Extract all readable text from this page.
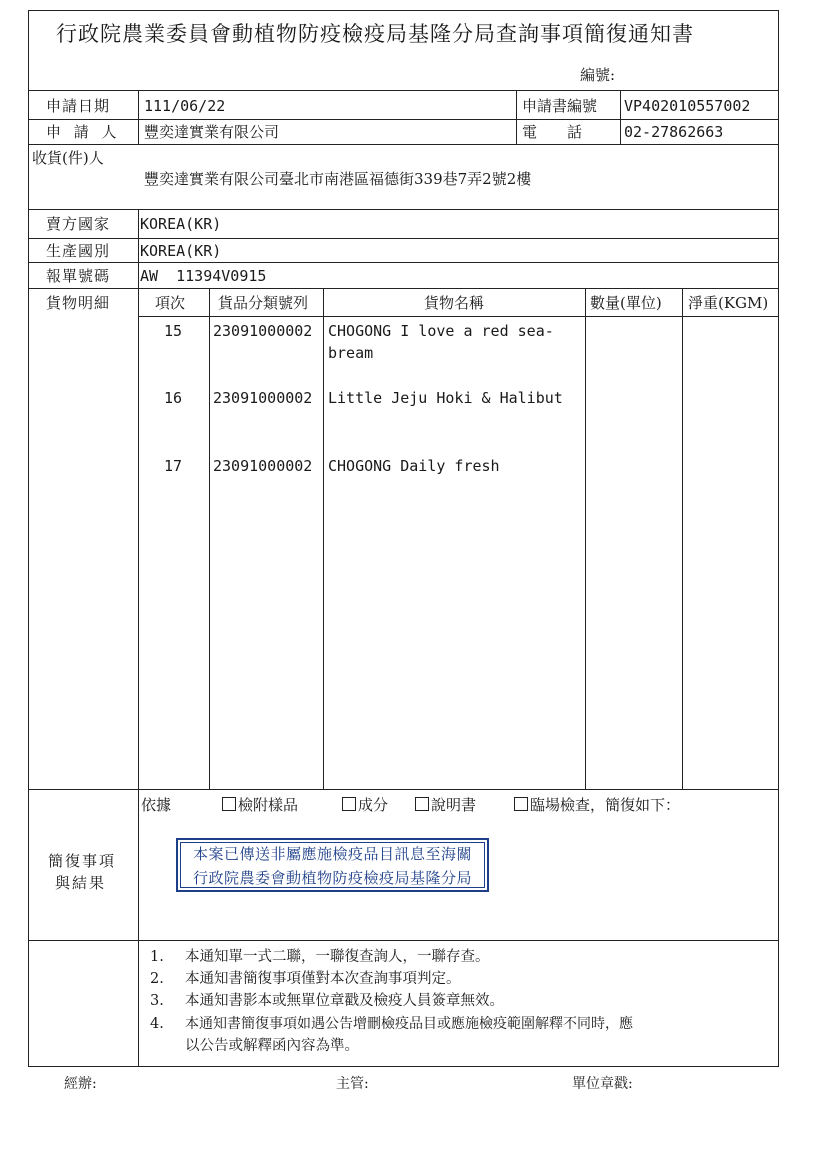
行政院農業委員會動植物防疫檢疫局基隆分局查詢事項簡復通知書
編號:
申請日期 111/06/22	申請書編號 VP402010557002
申 請 人 豐奕達實業有限公司	電　　話	02-27862663
收貨(件)人
豐奕達實業有限公司臺北市南港區福德街339巷7弄2號2樓
賣方國家 KOREA(KR)
生產國別 KOREA(KR)
報單號碼 AW  11394V0915
貨物明細	項次 貨品分類號列	貨物名稱	數量(單位) 淨重(KGM)
15 23091000002 CHOGONG I love a red sea-
bream
16 23091000002 Little Jeju Hoki & Halibut
17 23091000002 CHOGONG Daily fresh
簡復事項
與結果
依據	檢附樣品	成分	說明書	臨場檢查，簡復如下：
本案已傳送非屬應施檢疫品目訊息至海關
行政院農委會動植物防疫檢疫局基隆分局
1. 本通知單一式二聯，一聯復查詢人，一聯存查。
2. 本通知書簡復事項僅對本次查詢事項判定。
3. 本通知書影本或無單位章戳及檢疫人員簽章無效。
4. 本通知書簡復事項如遇公告增刪檢疫品目或應施檢疫範圍解釋不同時，應
以公告或解釋函內容為準。
經辦:	主管:	單位章戳:
